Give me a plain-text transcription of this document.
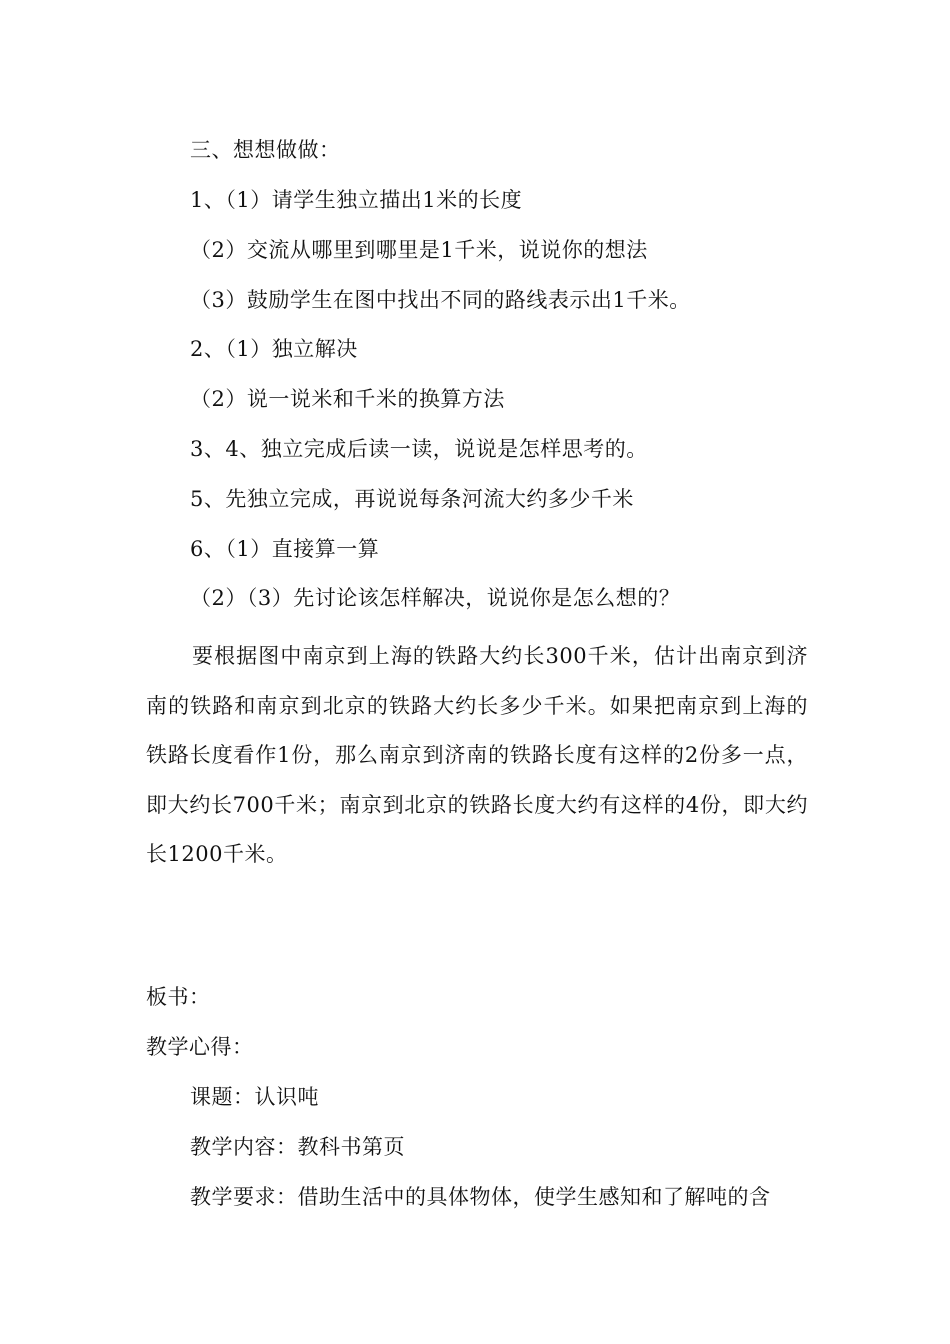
三、想想做做：
1、（1）请学生独立描出1米的长度
（2）交流从哪里到哪里是1千米，说说你的想法
（3）鼓励学生在图中找出不同的路线表示出1千米。
2、（1）独立解决
（2）说一说米和千米的换算方法
3、4、独立完成后读一读，说说是怎样思考的。
5、先独立完成，再说说每条河流大约多少千米
6、（1）直接算一算
（2）（3）先讨论该怎样解决，说说你是怎么想的？
要根据图中南京到上海的铁路大约长300千米，估计出南京到济南的铁路和南京到北京的铁路大约长多少千米。如果把南京到上海的铁路长度看作1份，那么南京到济南的铁路长度有这样的2份多一点，即大约长700千米；南京到北京的铁路长度大约有这样的4份，即大约长1200千米。
板书：
教学心得：
课题：认识吨
教学内容：教科书第页
教学要求：借助生活中的具体物体，使学生感知和了解吨的含
